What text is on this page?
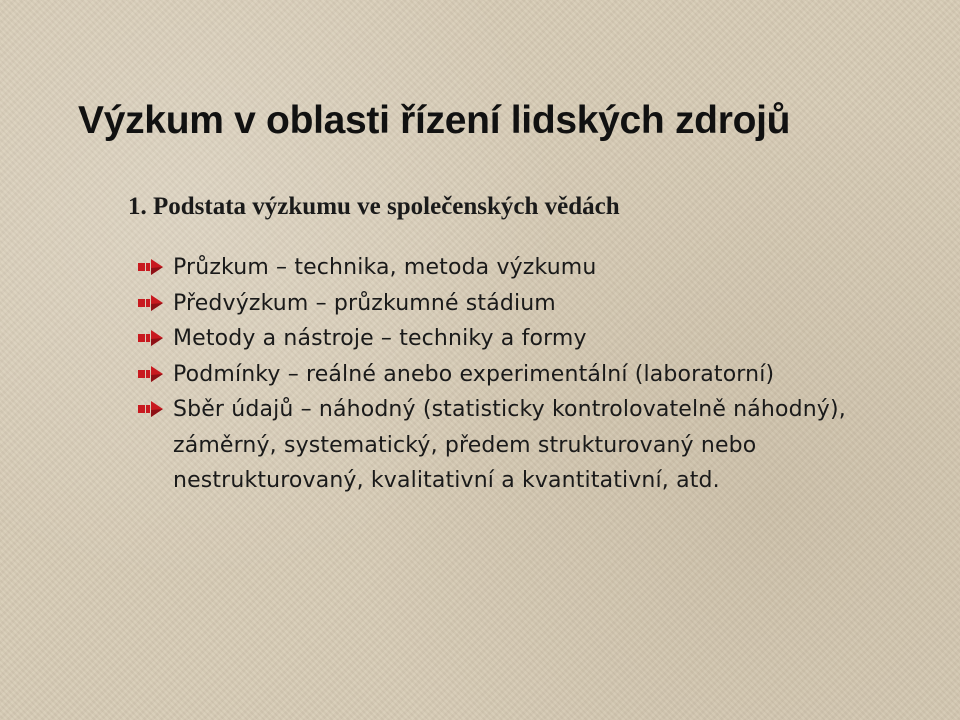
Výzkum v oblasti řízení lidských zdrojů
1. Podstata výzkumu ve společenských vědách
Průzkum – technika, metoda výzkumu
Předvýzkum – průzkumné stádium
Metody a nástroje – techniky a formy
Podmínky – reálné anebo experimentální (laboratorní)
Sběr údajů – náhodný (statisticky kontrolovatelně náhodný), záměrný, systematický, předem strukturovaný nebo nestrukturovaný, kvalitativní a kvantitativní, atd.
